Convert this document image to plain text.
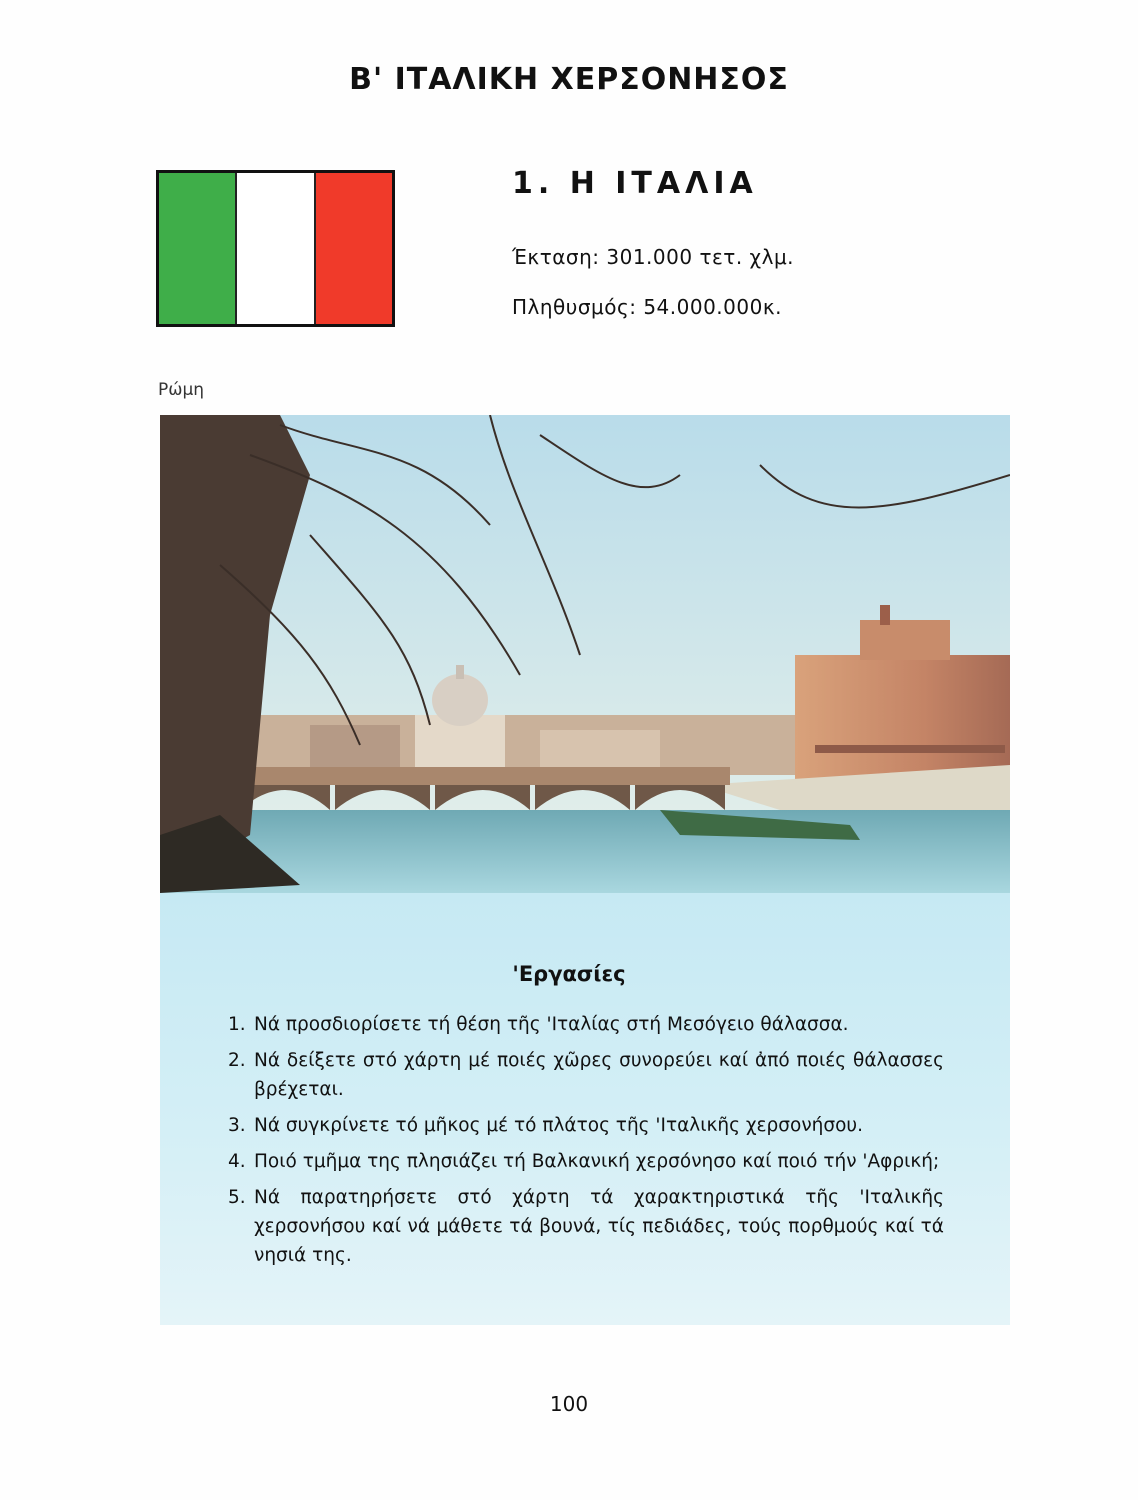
Β' ΙΤΑΛΙΚΗ ΧΕΡΣΟΝΗΣΟΣ
1. Η ΙΤΑΛΙΑ
Έκταση: 301.000 τετ. χλμ.
Πληθυσμός: 54.000.000κ.
Ρώμη
'Εργασίες
1. Νά προσδιορίσετε τή θέση τῆς 'Ιταλίας στή Μεσόγειο θάλασσα.
2. Νά δείξετε στό χάρτη μέ ποιές χῶρες συνορεύει καί ἀπό ποιές θάλασσες βρέχεται.
3. Νά συγκρίνετε τό μῆκος μέ τό πλάτος τῆς 'Ιταλικῆς χερσονήσου.
4. Ποιό τμῆμα της πλησιάζει τή Βαλκανική χερσόνησο καί ποιό τήν 'Αφρική;
5. Νά παρατηρήσετε στό χάρτη τά χαρακτηριστικά τῆς 'Ιταλικῆς χερσονήσου καί νά μάθετε τά βουνά, τίς πεδιάδες, τούς πορθμούς καί τά νησιά της.
100
